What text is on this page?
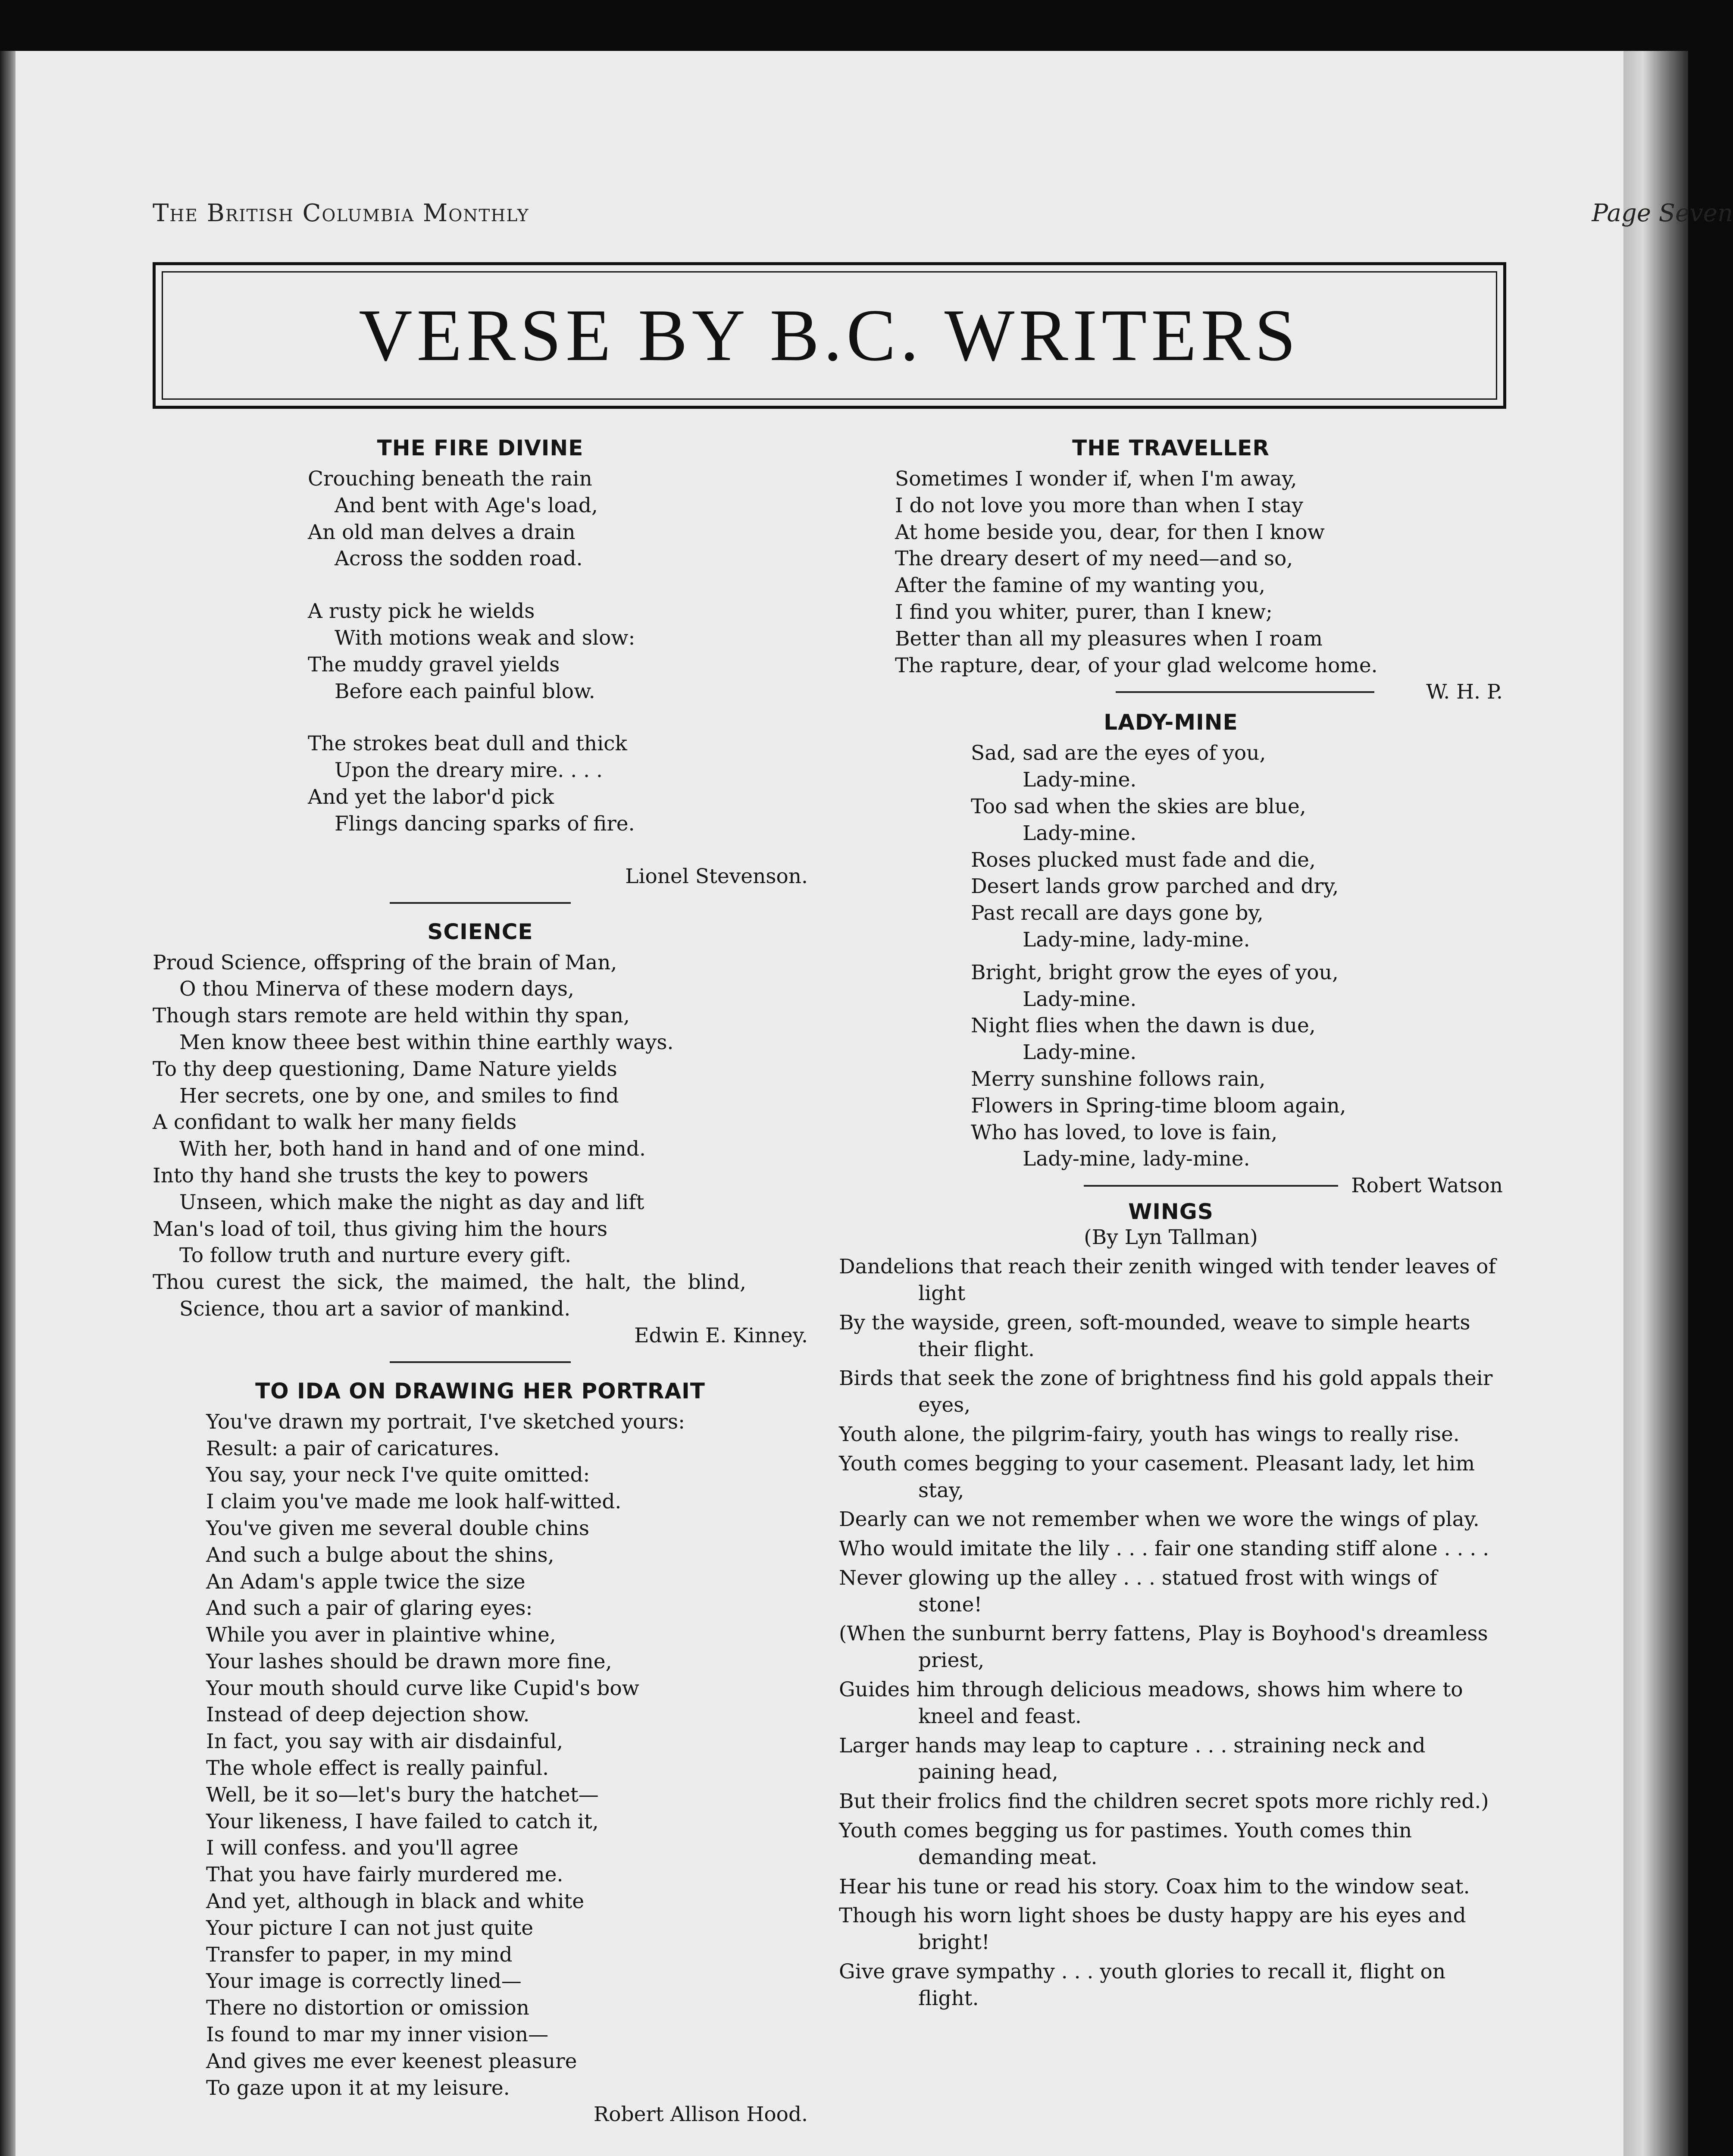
The British Columbia Monthly	Page Seven
VERSE BY B.C. WRITERS
THE FIRE DIVINE
Crouching beneath the rain
And bent with Age's load,
An old man delves a drain
Across the sodden road.
A rusty pick he wields
With motions weak and slow:
The muddy gravel yields
Before each painful blow.
The strokes beat dull and thick
Upon the dreary mire. . . .
And yet the labor'd pick
Flings dancing sparks of fire.
Lionel Stevenson.
SCIENCE
Proud Science, offspring of the brain of Man,
O thou Minerva of these modern days,
Though stars remote are held within thy span,
Men know theee best within thine earthly ways.
To thy deep questioning, Dame Nature yields
Her secrets, one by one, and smiles to find
A confidant to walk her many fields
With her, both hand in hand and of one mind.
Into thy hand she trusts the key to powers
Unseen, which make the night as day and lift
Man's load of toil, thus giving him the hours
To follow truth and nurture every gift.
Thou curest the sick, the maimed, the halt, the blind,
Science, thou art a savior of mankind.
Edwin E. Kinney.
TO IDA ON DRAWING HER PORTRAIT
You've drawn my portrait, I've sketched yours:
Result: a pair of caricatures.
You say, your neck I've quite omitted:
I claim you've made me look half-witted.
You've given me several double chins
And such a bulge about the shins,
An Adam's apple twice the size
And such a pair of glaring eyes:
While you aver in plaintive whine,
Your lashes should be drawn more fine,
Your mouth should curve like Cupid's bow
Instead of deep dejection show.
In fact, you say with air disdainful,
The whole effect is really painful.
Well, be it so—let's bury the hatchet—
Your likeness, I have failed to catch it,
I will confess. and you'll agree
That you have fairly murdered me.
And yet, although in black and white
Your picture I can not just quite
Transfer to paper, in my mind
Your image is correctly lined—
There no distortion or omission
Is found to mar my inner vision—
And gives me ever keenest pleasure
To gaze upon it at my leisure.
Robert Allison Hood.
THE TRAVELLER
Sometimes I wonder if, when I'm away,
I do not love you more than when I stay
At home beside you, dear, for then I know
The dreary desert of my need—and so,
After the famine of my wanting you,
I find you whiter, purer, than I knew;
Better than all my pleasures when I roam
The rapture, dear, of your glad welcome home.
W. H. P.
LADY-MINE
Sad, sad are the eyes of you,
Lady-mine.
Too sad when the skies are blue,
Lady-mine.
Roses plucked must fade and die,
Desert lands grow parched and dry,
Past recall are days gone by,
Lady-mine, lady-mine.
Bright, bright grow the eyes of you,
Lady-mine.
Night flies when the dawn is due,
Lady-mine.
Merry sunshine follows rain,
Flowers in Spring-time bloom again,
Who has loved, to love is fain,
Lady-mine, lady-mine.
Robert Watson
WINGS
(By Lyn Tallman)
Dandelions that reach their zenith winged with tender leaves of light
By the wayside, green, soft-mounded, weave to simple hearts their flight.
Birds that seek the zone of brightness find his gold appals their eyes,
Youth alone, the pilgrim-fairy, youth has wings to really rise.
Youth comes begging to your casement. Pleasant lady, let him stay,
Dearly can we not remember when we wore the wings of play.
Who would imitate the lily . . . fair one standing stiff alone . . . .
Never glowing up the alley . . . statued frost with wings of stone!
(When the sunburnt berry fattens, Play is Boyhood's dreamless priest,
Guides him through delicious meadows, shows him where to kneel and feast.
Larger hands may leap to capture . . . straining neck and paining head,
But their frolics find the children secret spots more richly red.)
Youth comes begging us for pastimes. Youth comes thin demanding meat.
Hear his tune or read his story. Coax him to the window seat.
Though his worn light shoes be dusty happy are his eyes and bright!
Give grave sympathy . . . youth glories to recall it, flight on flight.
